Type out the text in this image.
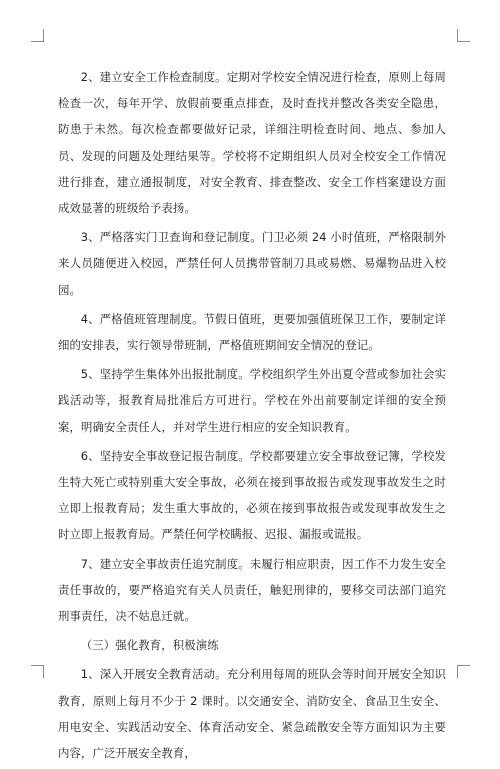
2、建立安全工作检查制度。定期对学校安全情况进行检查，原则上每周检查一次，每年开学、放假前要重点排查，及时查找并整改各类安全隐患，防患于未然。每次检查都要做好记录，详细注明检查时间、地点、参加人员、发现的问题及处理结果等。学校将不定期组织人员对全校安全工作情况进行排查，建立通报制度，对安全教育、排查整改、安全工作档案建设方面成效显著的班级给予表扬。

3、严格落实门卫查询和登记制度。门卫必须 24 小时值班，严格限制外来人员随便进入校园，严禁任何人员携带管制刀具或易燃、易爆物品进入校园。

4、严格值班管理制度。节假日值班，更要加强值班保卫工作，要制定详细的安排表，实行领导带班制，严格值班期间安全情况的登记。

5、坚持学生集体外出报批制度。学校组织学生外出夏令营或参加社会实践活动等，报教育局批准后方可进行。学校在外出前要制定详细的安全预案，明确安全责任人，并对学生进行相应的安全知识教育。

6、坚持安全事故登记报告制度。学校都要建立安全事故登记簿，学校发生特大死亡或特别重大安全事故，必须在接到事故报告或发现事故发生之时立即上报教育局；发生重大事故的，必须在接到事故报告或发现事故发生之时立即上报教育局。严禁任何学校瞒报、迟报、漏报或谎报。

7、建立安全事故责任追究制度。未履行相应职责，因工作不力发生安全责任事故的，要严格追究有关人员责任，触犯刑律的，要移交司法部门追究刑事责任，决不姑息迁就。

（三）强化教育，积极演练

1、深入开展安全教育活动。充分利用每周的班队会等时间开展安全知识教育，原则上每月不少于 2 课时。以交通安全、消防安全、食品卫生安全、用电安全、实践活动安全、体育活动安全、紧急疏散安全等方面知识为主要内容，广泛开展安全教育，
